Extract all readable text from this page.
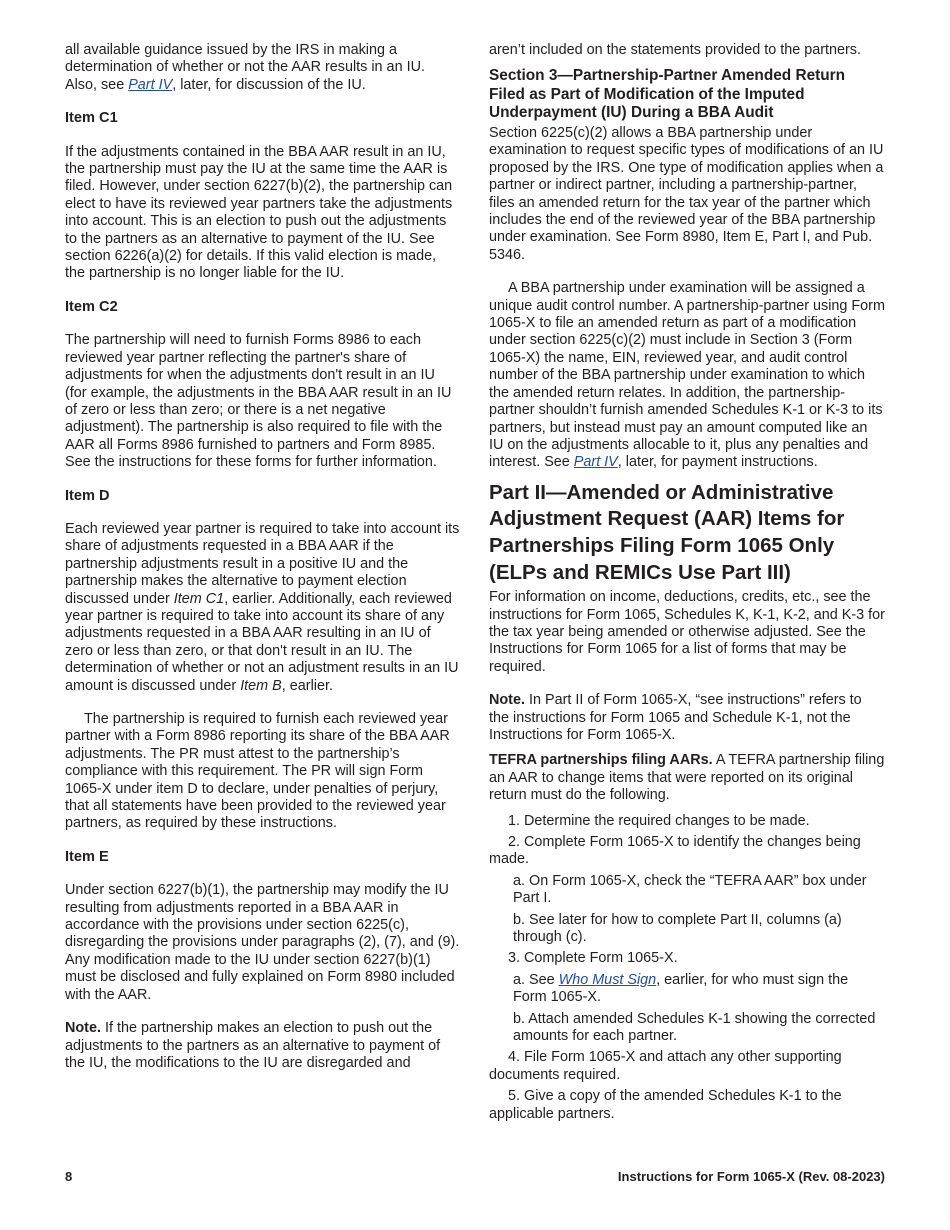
all available guidance issued by the IRS in making a determination of whether or not the AAR results in an IU. Also, see Part IV, later, for discussion of the IU.

Item C1

If the adjustments contained in the BBA AAR result in an IU, the partnership must pay the IU at the same time the AAR is filed. However, under section 6227(b)(2), the partnership can elect to have its reviewed year partners take the adjustments into account. This is an election to push out the adjustments to the partners as an alternative to payment of the IU. See section 6226(a)(2) for details. If this valid election is made, the partnership is no longer liable for the IU.

Item C2

The partnership will need to furnish Forms 8986 to each reviewed year partner reflecting the partner's share of adjustments for when the adjustments don't result in an IU (for example, the adjustments in the BBA AAR result in an IU of zero or less than zero; or there is a net negative adjustment). The partnership is also required to file with the AAR all Forms 8986 furnished to partners and Form 8985. See the instructions for these forms for further information.

Item D

Each reviewed year partner is required to take into account its share of adjustments requested in a BBA AAR if the partnership adjustments result in a positive IU and the partnership makes the alternative to payment election discussed under Item C1, earlier. Additionally, each reviewed year partner is required to take into account its share of any adjustments requested in a BBA AAR resulting in an IU of zero or less than zero, or that don't result in an IU. The determination of whether or not an adjustment results in an IU amount is discussed under Item B, earlier.

The partnership is required to furnish each reviewed year partner with a Form 8986 reporting its share of the BBA AAR adjustments. The PR must attest to the partnership’s compliance with this requirement. The PR will sign Form 1065-X under item D to declare, under penalties of perjury, that all statements have been provided to the reviewed year partners, as required by these instructions.

Item E

Under section 6227(b)(1), the partnership may modify the IU resulting from adjustments reported in a BBA AAR in accordance with the provisions under section 6225(c), disregarding the provisions under paragraphs (2), (7), and (9). Any modification made to the IU under section 6227(b)(1) must be disclosed and fully explained on Form 8980 included with the AAR.

Note. If the partnership makes an election to push out the adjustments to the partners as an alternative to payment of the IU, the modifications to the IU are disregarded and

aren’t included on the statements provided to the partners.

Section 3—Partnership-Partner Amended Return Filed as Part of Modification of the Imputed Underpayment (IU) During a BBA Audit

Section 6225(c)(2) allows a BBA partnership under examination to request specific types of modifications of an IU proposed by the IRS. One type of modification applies when a partner or indirect partner, including a partnership-partner, files an amended return for the tax year of the partner which includes the end of the reviewed year of the BBA partnership under examination. See Form 8980, Item E, Part I, and Pub. 5346.

A BBA partnership under examination will be assigned a unique audit control number. A partnership-partner using Form 1065-X to file an amended return as part of a modification under section 6225(c)(2) must include in Section 3 (Form 1065-X) the name, EIN, reviewed year, and audit control number of the BBA partnership under examination to which the amended return relates. In addition, the partnership-partner shouldn’t furnish amended Schedules K-1 or K-3 to its partners, but instead must pay an amount computed like an IU on the adjustments allocable to it, plus any penalties and interest. See Part IV, later, for payment instructions.

Part II—Amended or Administrative Adjustment Request (AAR) Items for Partnerships Filing Form 1065 Only (ELPs and REMICs Use Part III)

For information on income, deductions, credits, etc., see the instructions for Form 1065, Schedules K, K-1, K-2, and K-3 for the tax year being amended or otherwise adjusted. See the Instructions for Form 1065 for a list of forms that may be required.

Note. In Part II of Form 1065-X, “see instructions” refers to the instructions for Form 1065 and Schedule K-1, not the Instructions for Form 1065-X.

TEFRA partnerships filing AARs. A TEFRA partnership filing an AAR to change items that were reported on its original return must do the following.

1. Determine the required changes to be made.
2. Complete Form 1065-X to identify the changes being made.
a. On Form 1065-X, check the “TEFRA AAR” box under Part I.
b. See later for how to complete Part II, columns (a) through (c).
3. Complete Form 1065-X.
a. See Who Must Sign, earlier, for who must sign the Form 1065-X.
b. Attach amended Schedules K-1 showing the corrected amounts for each partner.
4. File Form 1065-X and attach any other supporting documents required.
5. Give a copy of the amended Schedules K-1 to the applicable partners.
8	Instructions for Form 1065-X (Rev. 08-2023)
